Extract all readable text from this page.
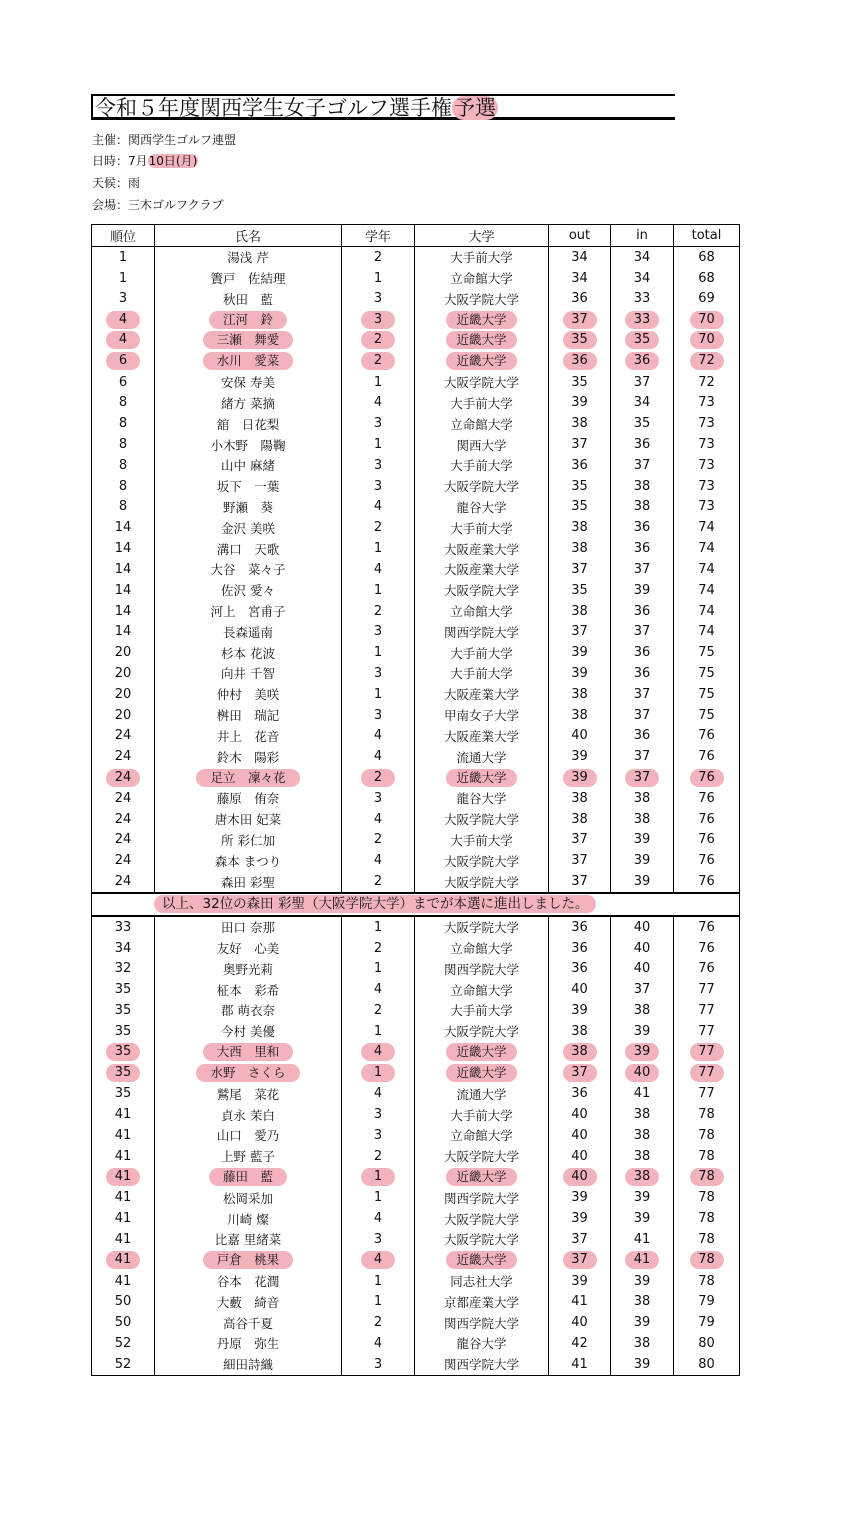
令和５年度関西学生女子ゴルフ選手権予選
主催：関西学生ゴルフ連盟
日時：7月10日(月)
天候：雨
会場：三木ゴルフクラブ
順位	氏名	学年	大学	out	in	total
1	湯浅 芹	2	大手前大学	34	34	68
1	簀戸　佐結理	1	立命館大学	34	34	68
3	秋田　藍	3	大阪学院大学	36	33	69
4	江河　鈴	3	近畿大学	37	33	70
4	三瀬　舞愛	2	近畿大学	35	35	70
6	水川　愛菜	2	近畿大学	36	36	72
6	安保 寿美	1	大阪学院大学	35	37	72
8	緒方 菜摘	4	大手前大学	39	34	73
8	舘　日花梨	3	立命館大学	38	35	73
8	小木野　陽鞠	1	関西大学	37	36	73
8	山中 麻緒	3	大手前大学	36	37	73
8	坂下　一葉	3	大阪学院大学	35	38	73
8	野瀬　葵	4	龍谷大学	35	38	73
14	金沢 美咲	2	大手前大学	38	36	74
14	溝口　天歌	1	大阪産業大学	38	36	74
14	大谷　菜々子	4	大阪産業大学	37	37	74
14	佐沢 愛々	1	大阪学院大学	35	39	74
14	河上　宮甫子	2	立命館大学	38	36	74
14	長森遥南	3	関西学院大学	37	37	74
20	杉本 花波	1	大手前大学	39	36	75
20	向井 千智	3	大手前大学	39	36	75
20	仲村　美咲	1	大阪産業大学	38	37	75
20	桝田　瑞記	3	甲南女子大学	38	37	75
24	井上　花音	4	大阪産業大学	40	36	76
24	鈴木　陽彩	4	流通大学	39	37	76
24	足立　凜々花	2	近畿大学	39	37	76
24	藤原　侑奈	3	龍谷大学	38	38	76
24	唐木田 妃菜	4	大阪学院大学	38	38	76
24	所 彩仁加	2	大手前大学	37	39	76
24	森本 まつり	4	大阪学院大学	37	39	76
24	森田 彩聖	2	大阪学院大学	37	39	76
以上、32位の森田 彩聖（大阪学院大学）までが本選に進出しました。						
33	田口 奈那	1	大阪学院大学	36	40	76
34	友好　心美	2	立命館大学	36	40	76
32	奥野光莉	1	関西学院大学	36	40	76
35	柾本　彩希	4	立命館大学	40	37	77
35	郡 萌衣奈	2	大手前大学	39	38	77
35	今村 美優	1	大阪学院大学	38	39	77
35	大西　里和	4	近畿大学	38	39	77
35	水野　さくら	1	近畿大学	37	40	77
35	鷲尾　菜花	4	流通大学	36	41	77
41	貞永 茉白	3	大手前大学	40	38	78
41	山口　愛乃	3	立命館大学	40	38	78
41	上野 藍子	2	大阪学院大学	40	38	78
41	藤田　藍	1	近畿大学	40	38	78
41	松岡采加	1	関西学院大学	39	39	78
41	川崎 燦	4	大阪学院大学	39	39	78
41	比嘉 里緒菜	3	大阪学院大学	37	41	78
41	戸倉　桃果	4	近畿大学	37	41	78
41	谷本　花潤	1	同志社大学	39	39	78
50	大藪　綺音	1	京都産業大学	41	38	79
50	高谷千夏	2	関西学院大学	40	39	79
52	丹原　弥生	4	龍谷大学	42	38	80
52	細田詩織	3	関西学院大学	41	39	80
